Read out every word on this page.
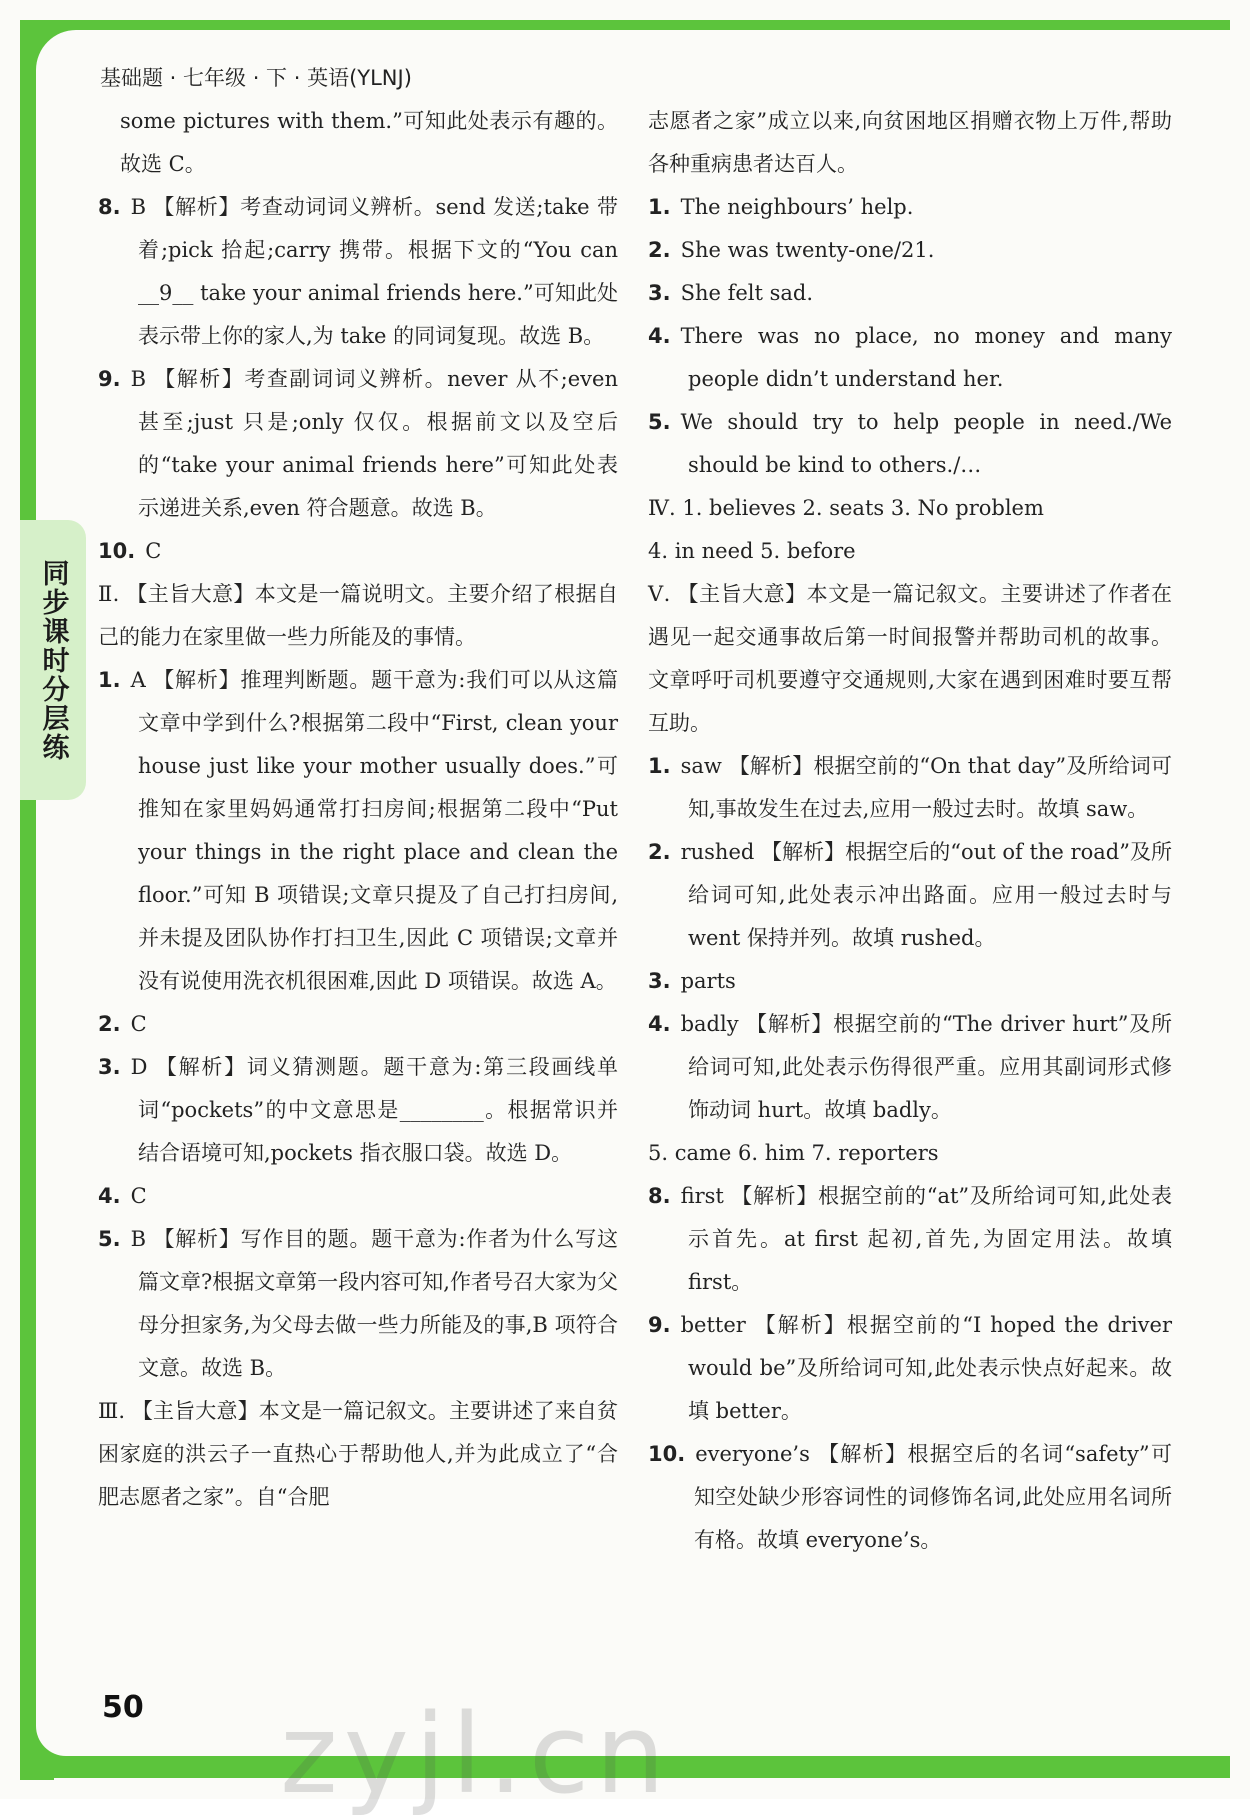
同步课时分层练
基础题 · 七年级 · 下 · 英语(YLNJ)

some pictures with them.”可知此处表示有趣的。故选 C。

8. B 【解析】考查动词词义辨析。send 发送;take 带着;pick 拾起;carry 携带。根据下文的“You can __9__ take your animal friends here.”可知此处表示带上你的家人,为 take 的同词复现。故选 B。

9. B 【解析】考查副词词义辨析。never 从不;even 甚至;just 只是;only 仅仅。根据前文以及空后的“take your animal friends here”可知此处表示递进关系,even 符合题意。故选 B。

10. C

Ⅱ. 【主旨大意】本文是一篇说明文。主要介绍了根据自己的能力在家里做一些力所能及的事情。

1. A 【解析】推理判断题。题干意为:我们可以从这篇文章中学到什么?根据第二段中“First, clean your house just like your mother usually does.”可推知在家里妈妈通常打扫房间;根据第二段中“Put your things in the right place and clean the floor.”可知 B 项错误;文章只提及了自己打扫房间,并未提及团队协作打扫卫生,因此 C 项错误;文章并没有说使用洗衣机很困难,因此 D 项错误。故选 A。

2. C

3. D 【解析】词义猜测题。题干意为:第三段画线单词“pockets”的中文意思是________。根据常识并结合语境可知,pockets 指衣服口袋。故选 D。

4. C

5. B 【解析】写作目的题。题干意为:作者为什么写这篇文章?根据文章第一段内容可知,作者号召大家为父母分担家务,为父母去做一些力所能及的事,B 项符合文意。故选 B。

Ⅲ. 【主旨大意】本文是一篇记叙文。主要讲述了来自贫困家庭的洪云子一直热心于帮助他人,并为此成立了“合肥志愿者之家”。自“合肥

志愿者之家”成立以来,向贫困地区捐赠衣物上万件,帮助各种重病患者达百人。

1. The neighbours’ help.

2. She was twenty-one/21.

3. She felt sad.

4. There was no place, no money and many people didn’t understand her.

5. We should try to help people in need./We should be kind to others./…

Ⅳ. 1. believes 2. seats 3. No problem

4. in need 5. before

Ⅴ. 【主旨大意】本文是一篇记叙文。主要讲述了作者在遇见一起交通事故后第一时间报警并帮助司机的故事。文章呼吁司机要遵守交通规则,大家在遇到困难时要互帮互助。

1. saw 【解析】根据空前的“On that day”及所给词可知,事故发生在过去,应用一般过去时。故填 saw。

2. rushed 【解析】根据空后的“out of the road”及所给词可知,此处表示冲出路面。应用一般过去时与 went 保持并列。故填 rushed。

3. parts

4. badly 【解析】根据空前的“The driver hurt”及所给词可知,此处表示伤得很严重。应用其副词形式修饰动词 hurt。故填 badly。

5. came 6. him 7. reporters

8. first 【解析】根据空前的“at”及所给词可知,此处表示首先。at first 起初,首先,为固定用法。故填 first。

9. better 【解析】根据空前的“I hoped the driver would be”及所给词可知,此处表示快点好起来。故填 better。

10. everyone’s 【解析】根据空后的名词“safety”可知空处缺少形容词性的词修饰名词,此处应用名词所有格。故填 everyone’s。

50 zyjl.cn
